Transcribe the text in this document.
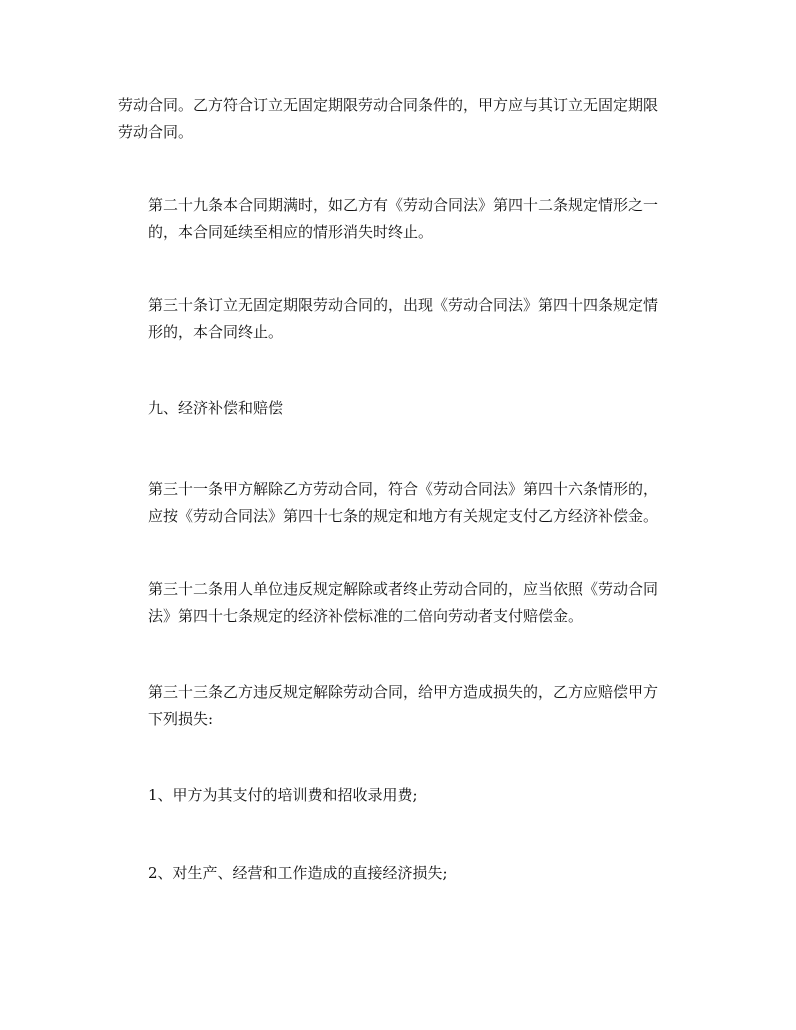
劳动合同。乙方符合订立无固定期限劳动合同条件的，甲方应与其订立无固定期限
劳动合同。

第二十九条本合同期满时，如乙方有《劳动合同法》第四十二条规定情形之一
的，本合同延续至相应的情形消失时终止。

第三十条订立无固定期限劳动合同的，出现《劳动合同法》第四十四条规定情
形的，本合同终止。

九、经济补偿和赔偿

第三十一条甲方解除乙方劳动合同，符合《劳动合同法》第四十六条情形的，
应按《劳动合同法》第四十七条的规定和地方有关规定支付乙方经济补偿金。

第三十二条用人单位违反规定解除或者终止劳动合同的，应当依照《劳动合同
法》第四十七条规定的经济补偿标准的二倍向劳动者支付赔偿金。

第三十三条乙方违反规定解除劳动合同，给甲方造成损失的，乙方应赔偿甲方
下列损失:

1、甲方为其支付的培训费和招收录用费;

2、对生产、经营和工作造成的直接经济损失;
